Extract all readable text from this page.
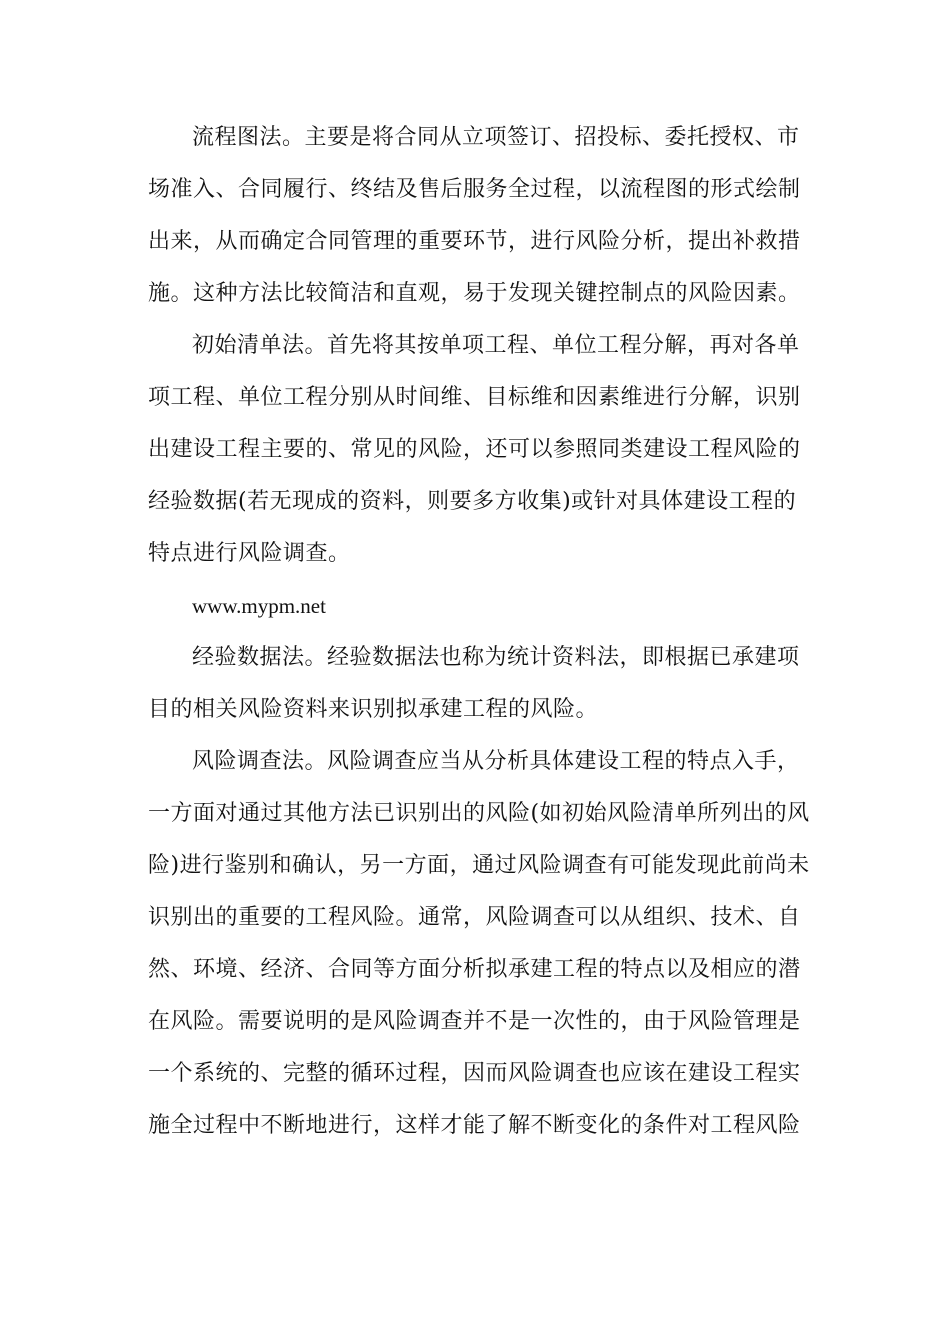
流程图法。主要是将合同从立项签订、招投标、委托授权、市
场准入、合同履行、终结及售后服务全过程，以流程图的形式绘制
出来，从而确定合同管理的重要环节，进行风险分析，提出补救措
施。这种方法比较简洁和直观，易于发现关键控制点的风险因素。
初始清单法。首先将其按单项工程、单位工程分解，再对各单
项工程、单位工程分别从时间维、目标维和因素维进行分解，识别
出建设工程主要的、常见的风险，还可以参照同类建设工程风险的
经验数据(若无现成的资料，则要多方收集)或针对具体建设工程的
特点进行风险调查。
www.mypm.net
经验数据法。经验数据法也称为统计资料法，即根据已承建项
目的相关风险资料来识别拟承建工程的风险。
风险调查法。风险调查应当从分析具体建设工程的特点入手，
一方面对通过其他方法已识别出的风险(如初始风险清单所列出的风
险)进行鉴别和确认，另一方面，通过风险调查有可能发现此前尚未
识别出的重要的工程风险。通常，风险调查可以从组织、技术、自
然、环境、经济、合同等方面分析拟承建工程的特点以及相应的潜
在风险。需要说明的是风险调查并不是一次性的，由于风险管理是
一个系统的、完整的循环过程，因而风险调查也应该在建设工程实
施全过程中不断地进行，这样才能了解不断变化的条件对工程风险
